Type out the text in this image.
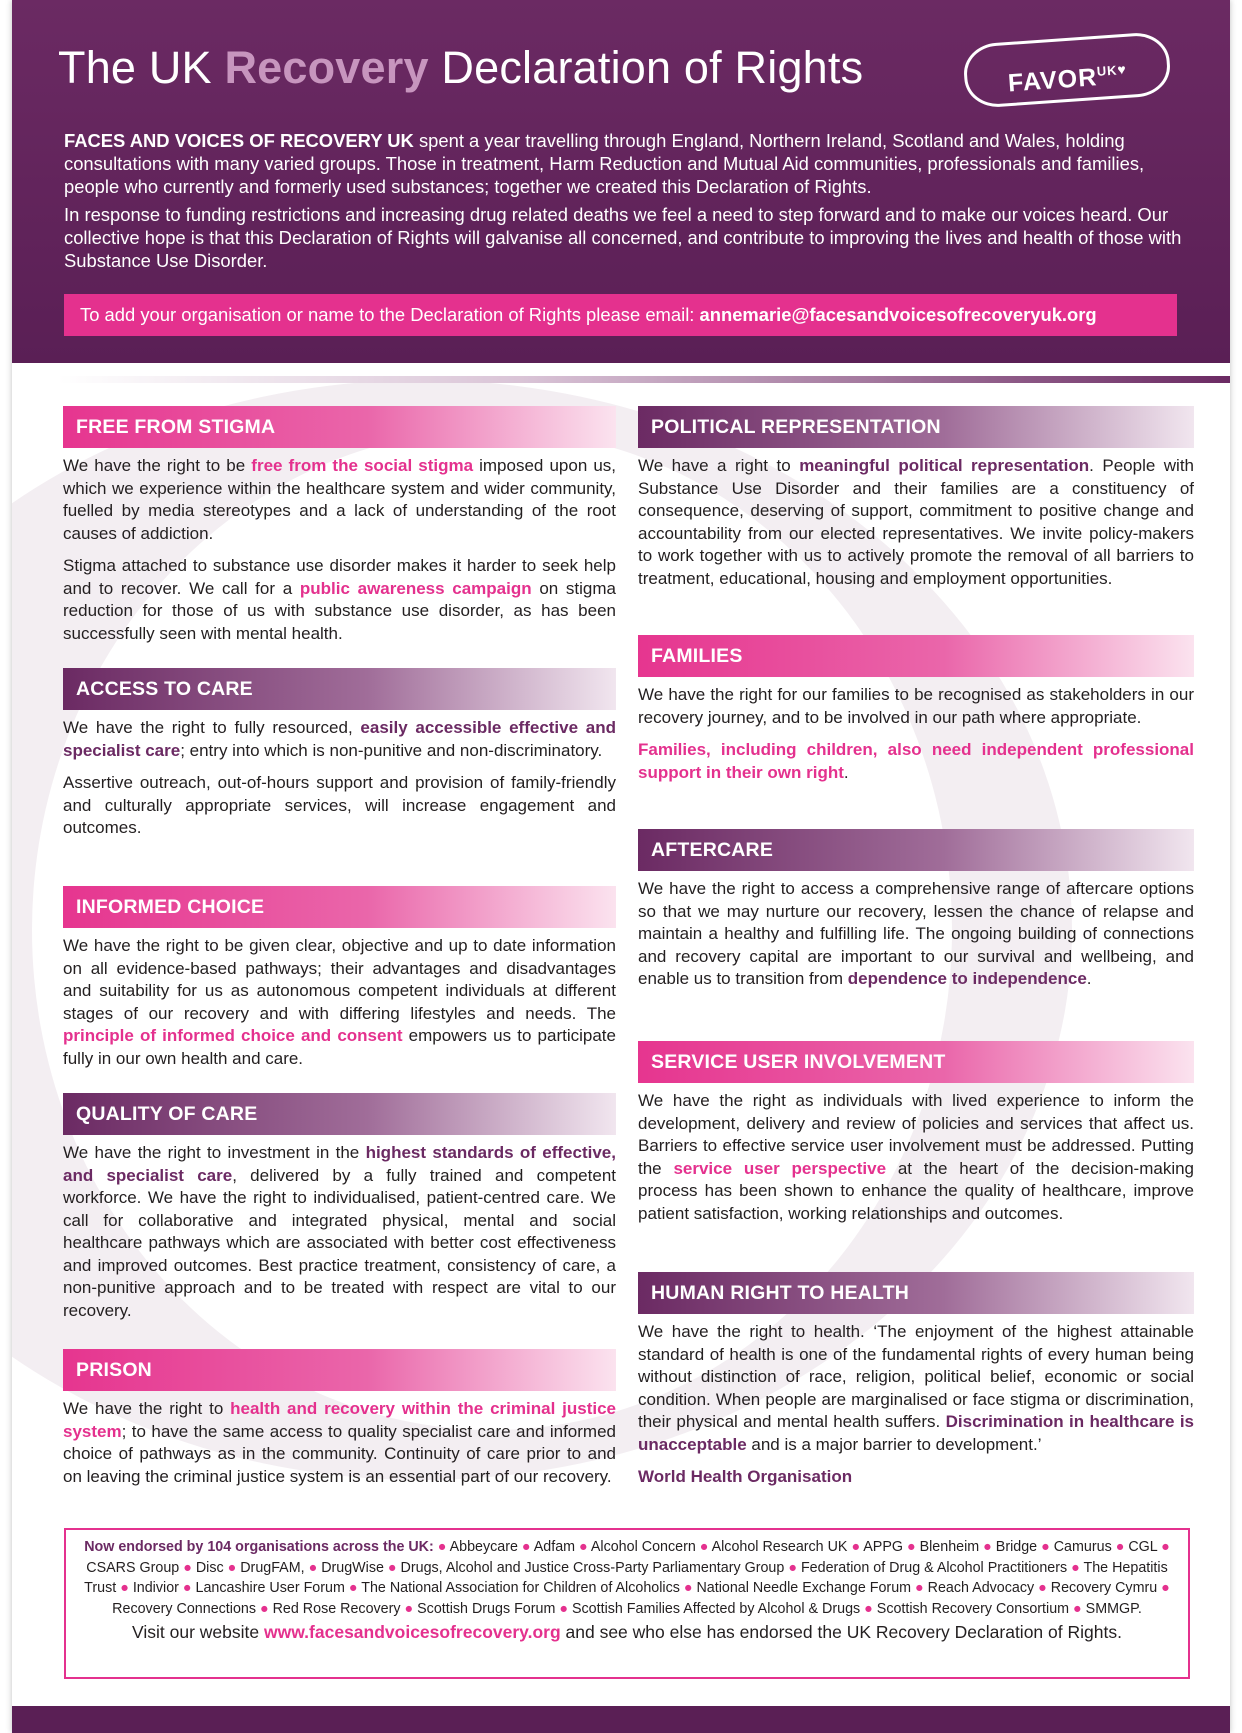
The UK Recovery Declaration of Rights	$FAVOR^{UK♥}$

FACES AND VOICES OF RECOVERY UK spent a year travelling through England, Northern Ireland, Scotland and Wales, holding consultations with many varied groups. Those in treatment, Harm Reduction and Mutual Aid communities, professionals and families, people who currently and formerly used substances; together we created this Declaration of Rights.

In response to funding restrictions and increasing drug related deaths we feel a need to step forward and to make our voices heard. Our collective hope is that this Declaration of Rights will galvanise all concerned, and contribute to improving the lives and health of those with Substance Use Disorder.

To add your organisation or name to the Declaration of Rights please email: annemarie@facesandvoicesofrecoveryuk.org
FREE FROM STIGMA

We have the right to be free from the social stigma imposed upon us, which we experience within the healthcare system and wider community, fuelled by media stereotypes and a lack of understanding of the root causes of addiction.

Stigma attached to substance use disorder makes it harder to seek help and to recover. We call for a public awareness campaign on stigma reduction for those of us with substance use disorder, as has been successfully seen with mental health.

ACCESS TO CARE

We have the right to fully resourced, easily accessible effective and specialist care; entry into which is non-punitive and non-discriminatory.

Assertive outreach, out-of-hours support and provision of family-friendly and culturally appropriate services, will increase engagement and outcomes.

INFORMED CHOICE

We have the right to be given clear, objective and up to date information on all evidence-based pathways; their advantages and disadvantages and suitability for us as autonomous competent individuals at different stages of our recovery and with differing lifestyles and needs. The principle of informed choice and consent empowers us to participate fully in our own health and care.

QUALITY OF CARE

We have the right to investment in the highest standards of effective, and specialist care, delivered by a fully trained and competent workforce. We have the right to individualised, patient-centred care. We call for collaborative and integrated physical, mental and social healthcare pathways which are associated with better cost effectiveness and improved outcomes. Best practice treatment, consistency of care, a non-punitive approach and to be treated with respect are vital to our recovery.

PRISON

We have the right to health and recovery within the criminal justice system; to have the same access to quality specialist care and informed choice of pathways as in the community. Continuity of care prior to and on leaving the criminal justice system is an essential part of our recovery.

POLITICAL REPRESENTATION

We have a right to meaningful political representation. People with Substance Use Disorder and their families are a constituency of consequence, deserving of support, commitment to positive change and accountability from our elected representatives. We invite policy-makers to work together with us to actively promote the removal of all barriers to treatment, educational, housing and employment opportunities.

FAMILIES

We have the right for our families to be recognised as stakeholders in our recovery journey, and to be involved in our path where appropriate.

Families, including children, also need independent professional support in their own right.

AFTERCARE

We have the right to access a comprehensive range of aftercare options so that we may nurture our recovery, lessen the chance of relapse and maintain a healthy and fulfilling life. The ongoing building of connections and recovery capital are important to our survival and wellbeing, and enable us to transition from dependence to independence.

SERVICE USER INVOLVEMENT

We have the right as individuals with lived experience to inform the development, delivery and review of policies and services that affect us. Barriers to effective service user involvement must be addressed. Putting the service user perspective at the heart of the decision-making process has been shown to enhance the quality of healthcare, improve patient satisfaction, working relationships and outcomes.

HUMAN RIGHT TO HEALTH

We have the right to health. ‘The enjoyment of the highest attainable standard of health is one of the fundamental rights of every human being without distinction of race, religion, political belief, economic or social condition. When people are marginalised or face stigma or discrimination, their physical and mental health suffers. Discrimination in healthcare is unacceptable and is a major barrier to development.’

World Health Organisation

Now endorsed by 104 organisations across the UK: ● Abbeycare ● Adfam ● Alcohol Concern ● Alcohol Research UK ● APPG ● Blenheim ● Bridge ● Camurus ● CGL ● CSARS Group ● Disc ● DrugFAM, ● DrugWise ● Drugs, Alcohol and Justice Cross-Party Parliamentary Group ● Federation of Drug & Alcohol Practitioners ● The Hepatitis Trust ● Indivior ● Lancashire User Forum ● The National Association for Children of Alcoholics ● National Needle Exchange Forum ● Reach Advocacy ● Recovery Cymru ● Recovery Connections ● Red Rose Recovery ● Scottish Drugs Forum ● Scottish Families Affected by Alcohol & Drugs ● Scottish Recovery Consortium ● SMMGP.
Visit our website www.facesandvoicesofrecovery.org and see who else has endorsed the UK Recovery Declaration of Rights.
